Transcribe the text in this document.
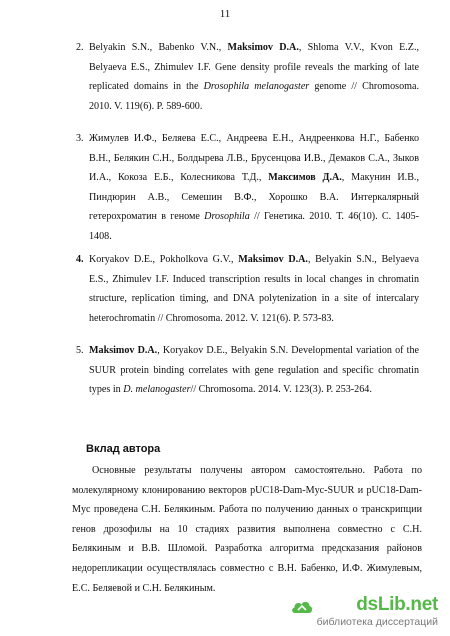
11
2. Belyakin S.N., Babenko V.N., Maksimov D.A., Shloma V.V., Kvon E.Z., Belyaeva E.S., Zhimulev I.F. Gene density profile reveals the marking of late replicated domains in the Drosophila melanogaster genome // Chromosoma. 2010. V. 119(6). P. 589-600.
3. Жимулев И.Ф., Беляева Е.С., Андреева Е.Н., Андреенкова Н.Г., Бабенко В.Н., Белякин С.Н., Болдырева Л.В., Брусенцова И.В., Демаков С.А., Зыков И.А., Кокоза Е.Б., Колесникова Т.Д., Максимов Д.А., Макунин И.В., Пиндюрин А.В., Семешин В.Ф., Хорошко В.А. Интеркалярный гетерохроматин в геноме Drosophila // Генетика. 2010. Т. 46(10). С. 1405-1408.
4. Koryakov D.E., Pokholkova G.V., Maksimov D.A., Belyakin S.N., Belyaeva E.S., Zhimulev I.F. Induced transcription results in local changes in chromatin structure, replication timing, and DNA polytenization in a site of intercalary heterochromatin // Chromosoma. 2012. V. 121(6). P. 573-83.
5. Maksimov D.A., Koryakov D.E., Belyakin S.N. Developmental variation of the SUUR protein binding correlates with gene regulation and specific chromatin types in D. melanogaster// Chromosoma. 2014. V. 123(3). P. 253-264.
Вклад автора
Основные результаты получены автором самостоятельно. Работа по молекулярному клонированию векторов pUC18-Dam-Myc-SUUR и pUC18-Dam-Myc проведена С.Н. Белякиным. Работа по получению данных о транскрипции генов дрозофилы на 10 стадиях развития выполнена совместно с С.Н. Белякиным и В.В. Шломой. Разработка алгоритма предсказания районов недорепликации осуществлялась совместно с В.Н. Бабенко, И.Ф. Жимулевым, Е.С. Беляевой и С.Н. Белякиным.
dsLib.net
библиотека диссертаций
